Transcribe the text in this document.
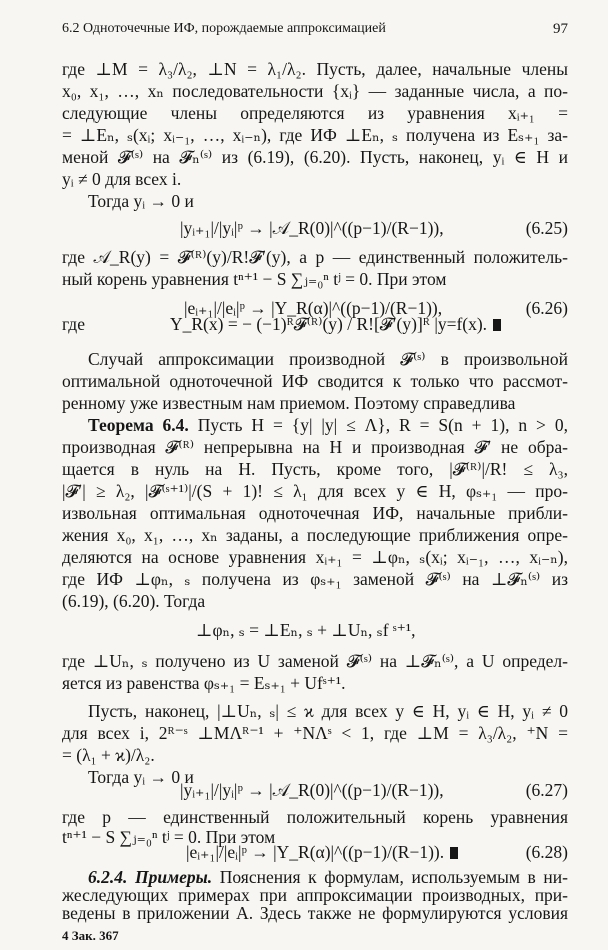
6.2 Одноточечные ИФ, порождаемые аппроксимацией	97
где ⊥M = λ₃/λ₂, ⊥N = λ₁/λ₂. Пусть, далее, начальные члены
x₀, x₁, …, xₙ последовательности {xᵢ} — заданные числа, а по-
следующие члены определяются из уравнения xᵢ₊₁ =
= ⊥Eₙ, ₛ(xᵢ; xᵢ₋₁, …, xᵢ₋ₙ), где ИФ ⊥Eₙ, ₛ получена из Eₛ₊₁ за-
меной 𝓕⁽ˢ⁾ на 𝓕ₙ⁽ˢ⁾ из (6.19), (6.20). Пусть, наконец, yᵢ ∈ H и
yᵢ ≠ 0 для всех i.
Тогда yᵢ → 0 и
|yᵢ₊₁|/|yᵢ|ᵖ → |𝒜_R(0)|^((p−1)/(R−1)),	(6.25)
где 𝒜_R(y) = 𝓕⁽ᴿ⁾(y)/R!𝓕′(y), а p — единственный положитель-
ный корень уравнения tⁿ⁺¹ − S ∑ⱼ₌₀ⁿ tʲ = 0. При этом
|eᵢ₊₁|/|eᵢ|ᵖ → |Y_R(α)|^((p−1)/(R−1)),	(6.26)
где	Y_R(x) = − (−1)ᴿ𝓕⁽ᴿ⁾(y) / R![𝓕′(y)]ᴿ |y=f(x).
Случай аппроксимации производной 𝓕⁽ˢ⁾ в произвольной
оптимальной одноточечной ИФ сводится к только что рассмот-
ренному уже известным нам приемом. Поэтому справедлива
Теорема 6.4. Пусть H = {y| |y| ≤ Λ}, R = S(n + 1), n > 0,
производная 𝓕⁽ᴿ⁾ непрерывна на H и производная 𝓕′ не обра-
щается в нуль на H. Пусть, кроме того, |𝓕⁽ᴿ⁾|/R! ≤ λ₃,
|𝓕′| ≥ λ₂, |𝓕⁽ˢ⁺¹⁾|/(S + 1)! ≤ λ₁ для всех y ∈ H, φₛ₊₁ — про-
извольная оптимальная одноточечная ИФ, начальные прибли-
жения x₀, x₁, …, xₙ заданы, а последующие приближения опре-
деляются на основе уравнения xᵢ₊₁ = ⊥φₙ, ₛ(xᵢ; xᵢ₋₁, …, xᵢ₋ₙ),
где ИФ ⊥φₙ, ₛ получена из φₛ₊₁ заменой 𝓕⁽ˢ⁾ на ⊥𝓕ₙ⁽ˢ⁾ из
(6.19), (6.20). Тогда
⊥φₙ, ₛ = ⊥Eₙ, ₛ + ⊥Uₙ, ₛf ˢ⁺¹,
где ⊥Uₙ, ₛ получено из U заменой 𝓕⁽ˢ⁾ на ⊥𝓕ₙ⁽ˢ⁾, а U определ-
яется из равенства φₛ₊₁ = Eₛ₊₁ + Ufˢ⁺¹.
Пусть, наконец, |⊥Uₙ, ₛ| ≤ ϰ для всех y ∈ H, yᵢ ∈ H, yᵢ ≠ 0
для всех i, 2ᴿ⁻ˢ ⊥MΛᴿ⁻¹ + ⁺NΛˢ < 1, где ⊥M = λ₃/λ₂, ⁺N =
= (λ₁ + ϰ)/λ₂.
Тогда yᵢ → 0 и
|yᵢ₊₁|/|yᵢ|ᵖ → |𝒜_R(0)|^((p−1)/(R−1)),	(6.27)
где p — единственный положительный корень уравнения
tⁿ⁺¹ − S ∑ⱼ₌₀ⁿ tʲ = 0. При этом
|eᵢ₊₁|/|eᵢ|ᵖ → |Y_R(α)|^((p−1)/(R−1)).	(6.28)
4 Зак. 367
6.2.4. Примеры. Пояснения к формулам, используемым в ни-
жеследующих примерах при аппроксимации производных, при-
ведены в приложении А. Здесь также не формулируются условия
